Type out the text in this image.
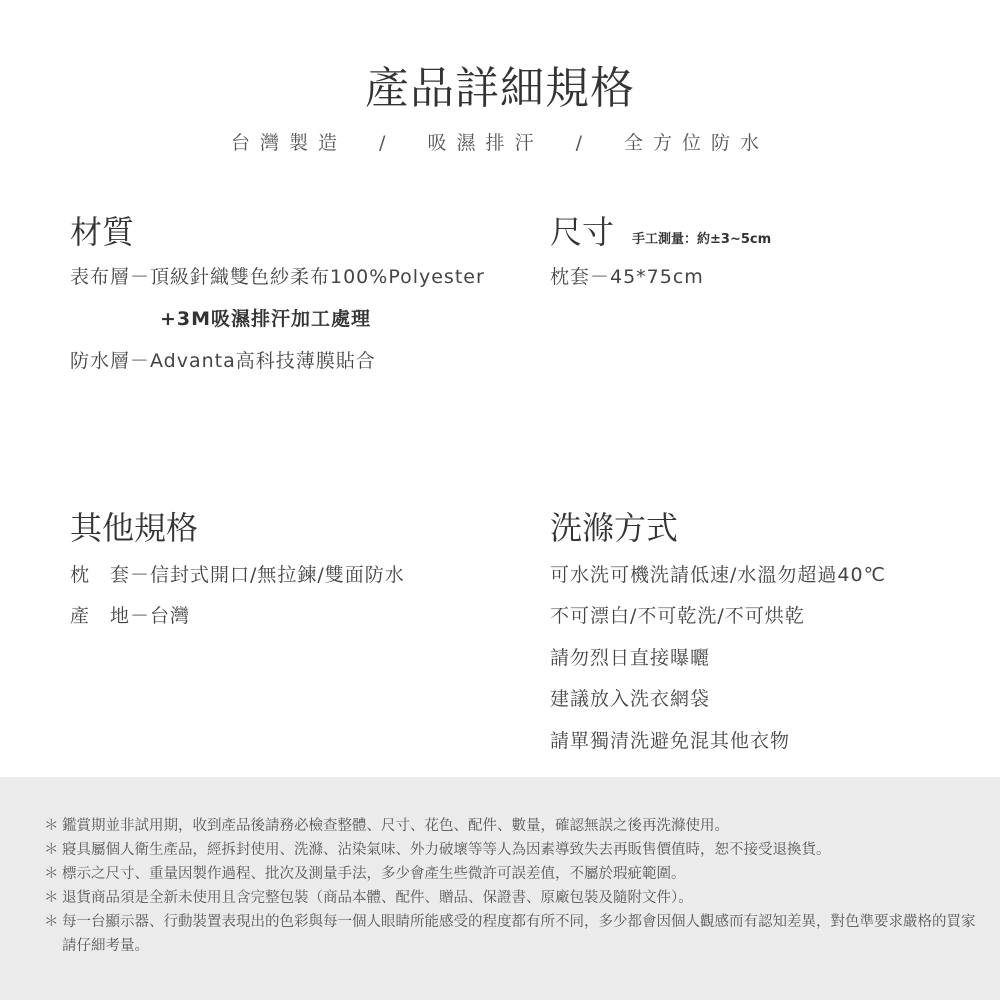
產品詳細規格
台灣製造  /  吸濕排汗  /  全方位防水
材質
表布層－頂級針織雙色紗柔布100%Polyester
+3M吸濕排汗加工處理
防水層－Advanta高科技薄膜貼合
尺寸 手工測量：約±3~5cm
枕套－45*75cm
其他規格
枕　套－信封式開口/無拉鍊/雙面防水
產　地－台灣
洗滌方式
可水洗可機洗請低速/水溫勿超過40℃
不可漂白/不可乾洗/不可烘乾
請勿烈日直接曝曬
建議放入洗衣網袋
請單獨清洗避免混其他衣物
＊ 鑑賞期並非試用期，收到產品後請務必檢查整體、尺寸、花色、配件、數量，確認無誤之後再洗滌使用。
＊ 寢具屬個人衛生產品，經拆封使用、洗滌、沾染氣味、外力破壞等等人為因素導致失去再販售價值時，恕不接受退換貨。
＊ 標示之尺寸、重量因製作過程、批次及測量手法，多少會產生些微許可誤差值，不屬於瑕疵範圍。
＊ 退貨商品須是全新未使用且含完整包裝（商品本體、配件、贈品、保證書、原廠包裝及隨附文件）。
＊ 每一台顯示器、行動裝置表現出的色彩與每一個人眼睛所能感受的程度都有所不同，多少都會因個人觀感而有認知差異，對色準要求嚴格的買家請仔細考量。
